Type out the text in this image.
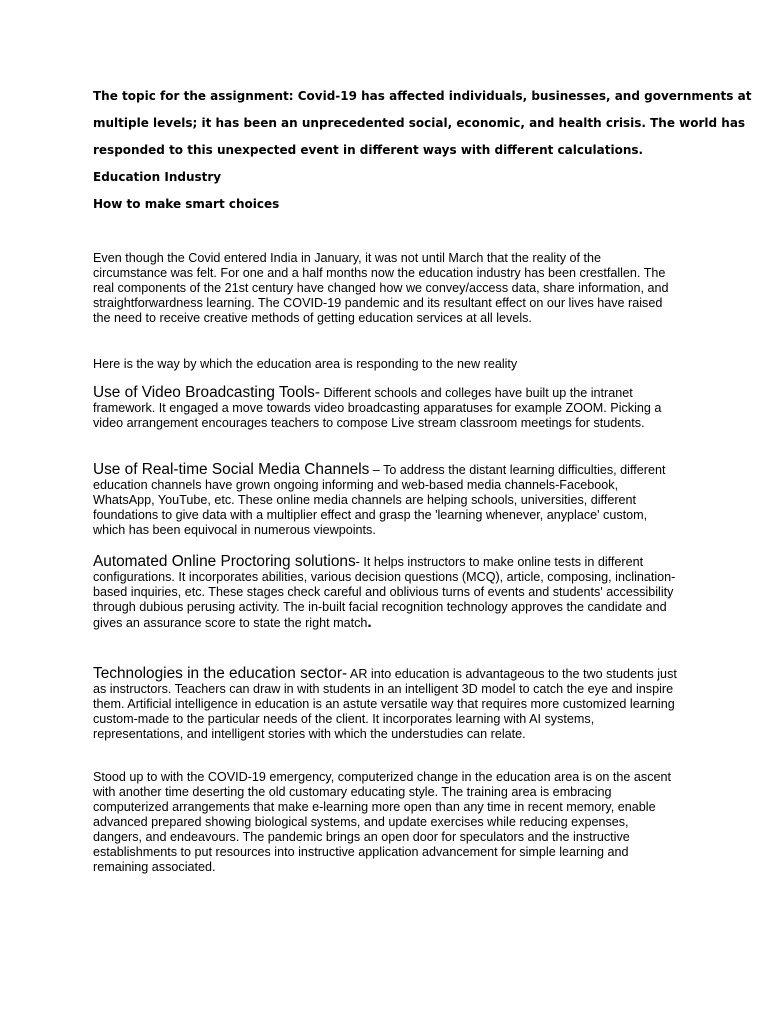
The topic for the assignment: Covid-19 has affected individuals, businesses, and governments at

multiple levels; it has been an unprecedented social, economic, and health crisis. The world has

responded to this unexpected event in different ways with different calculations.

Education Industry

How to make smart choices

Even though the Covid entered India in January, it was not until March that the reality of the circumstance was felt. For one and a half months now the education industry has been crestfallen. The real components of the 21st century have changed how we convey/access data, share information, and straightforwardness learning. The COVID-19 pandemic and its resultant effect on our lives have raised the need to receive creative methods of getting education services at all levels.

Here is the way by which the education area is responding to the new reality

Use of Video Broadcasting Tools- Different schools and colleges have built up the intranet framework. It engaged a move towards video broadcasting apparatuses for example ZOOM. Picking a video arrangement encourages teachers to compose Live stream classroom meetings for students.

Use of Real-time Social Media Channels – To address the distant learning difficulties, different education channels have grown ongoing informing and web-based media channels-Facebook, WhatsApp, YouTube, etc. These online media channels are helping schools, universities, different foundations to give data with a multiplier effect and grasp the 'learning whenever, anyplace' custom, which has been equivocal in numerous viewpoints.

Automated Online Proctoring solutions- It helps instructors to make online tests in different configurations. It incorporates abilities, various decision questions (MCQ), article, composing, inclination-based inquiries, etc. These stages check careful and oblivious turns of events and students' accessibility through dubious perusing activity. The in-built facial recognition technology approves the candidate and gives an assurance score to state the right match.

Technologies in the education sector- AR into education is advantageous to the two students just as instructors. Teachers can draw in with students in an intelligent 3D model to catch the eye and inspire them. Artificial intelligence in education is an astute versatile way that requires more customized learning custom-made to the particular needs of the client. It incorporates learning with AI systems, representations, and intelligent stories with which the understudies can relate.

Stood up to with the COVID-19 emergency, computerized change in the education area is on the ascent with another time deserting the old customary educating style. The training area is embracing computerized arrangements that make e-learning more open than any time in recent memory, enable advanced prepared showing biological systems, and update exercises while reducing expenses, dangers, and endeavours. The pandemic brings an open door for speculators and the instructive establishments to put resources into instructive application advancement for simple learning and remaining associated.
